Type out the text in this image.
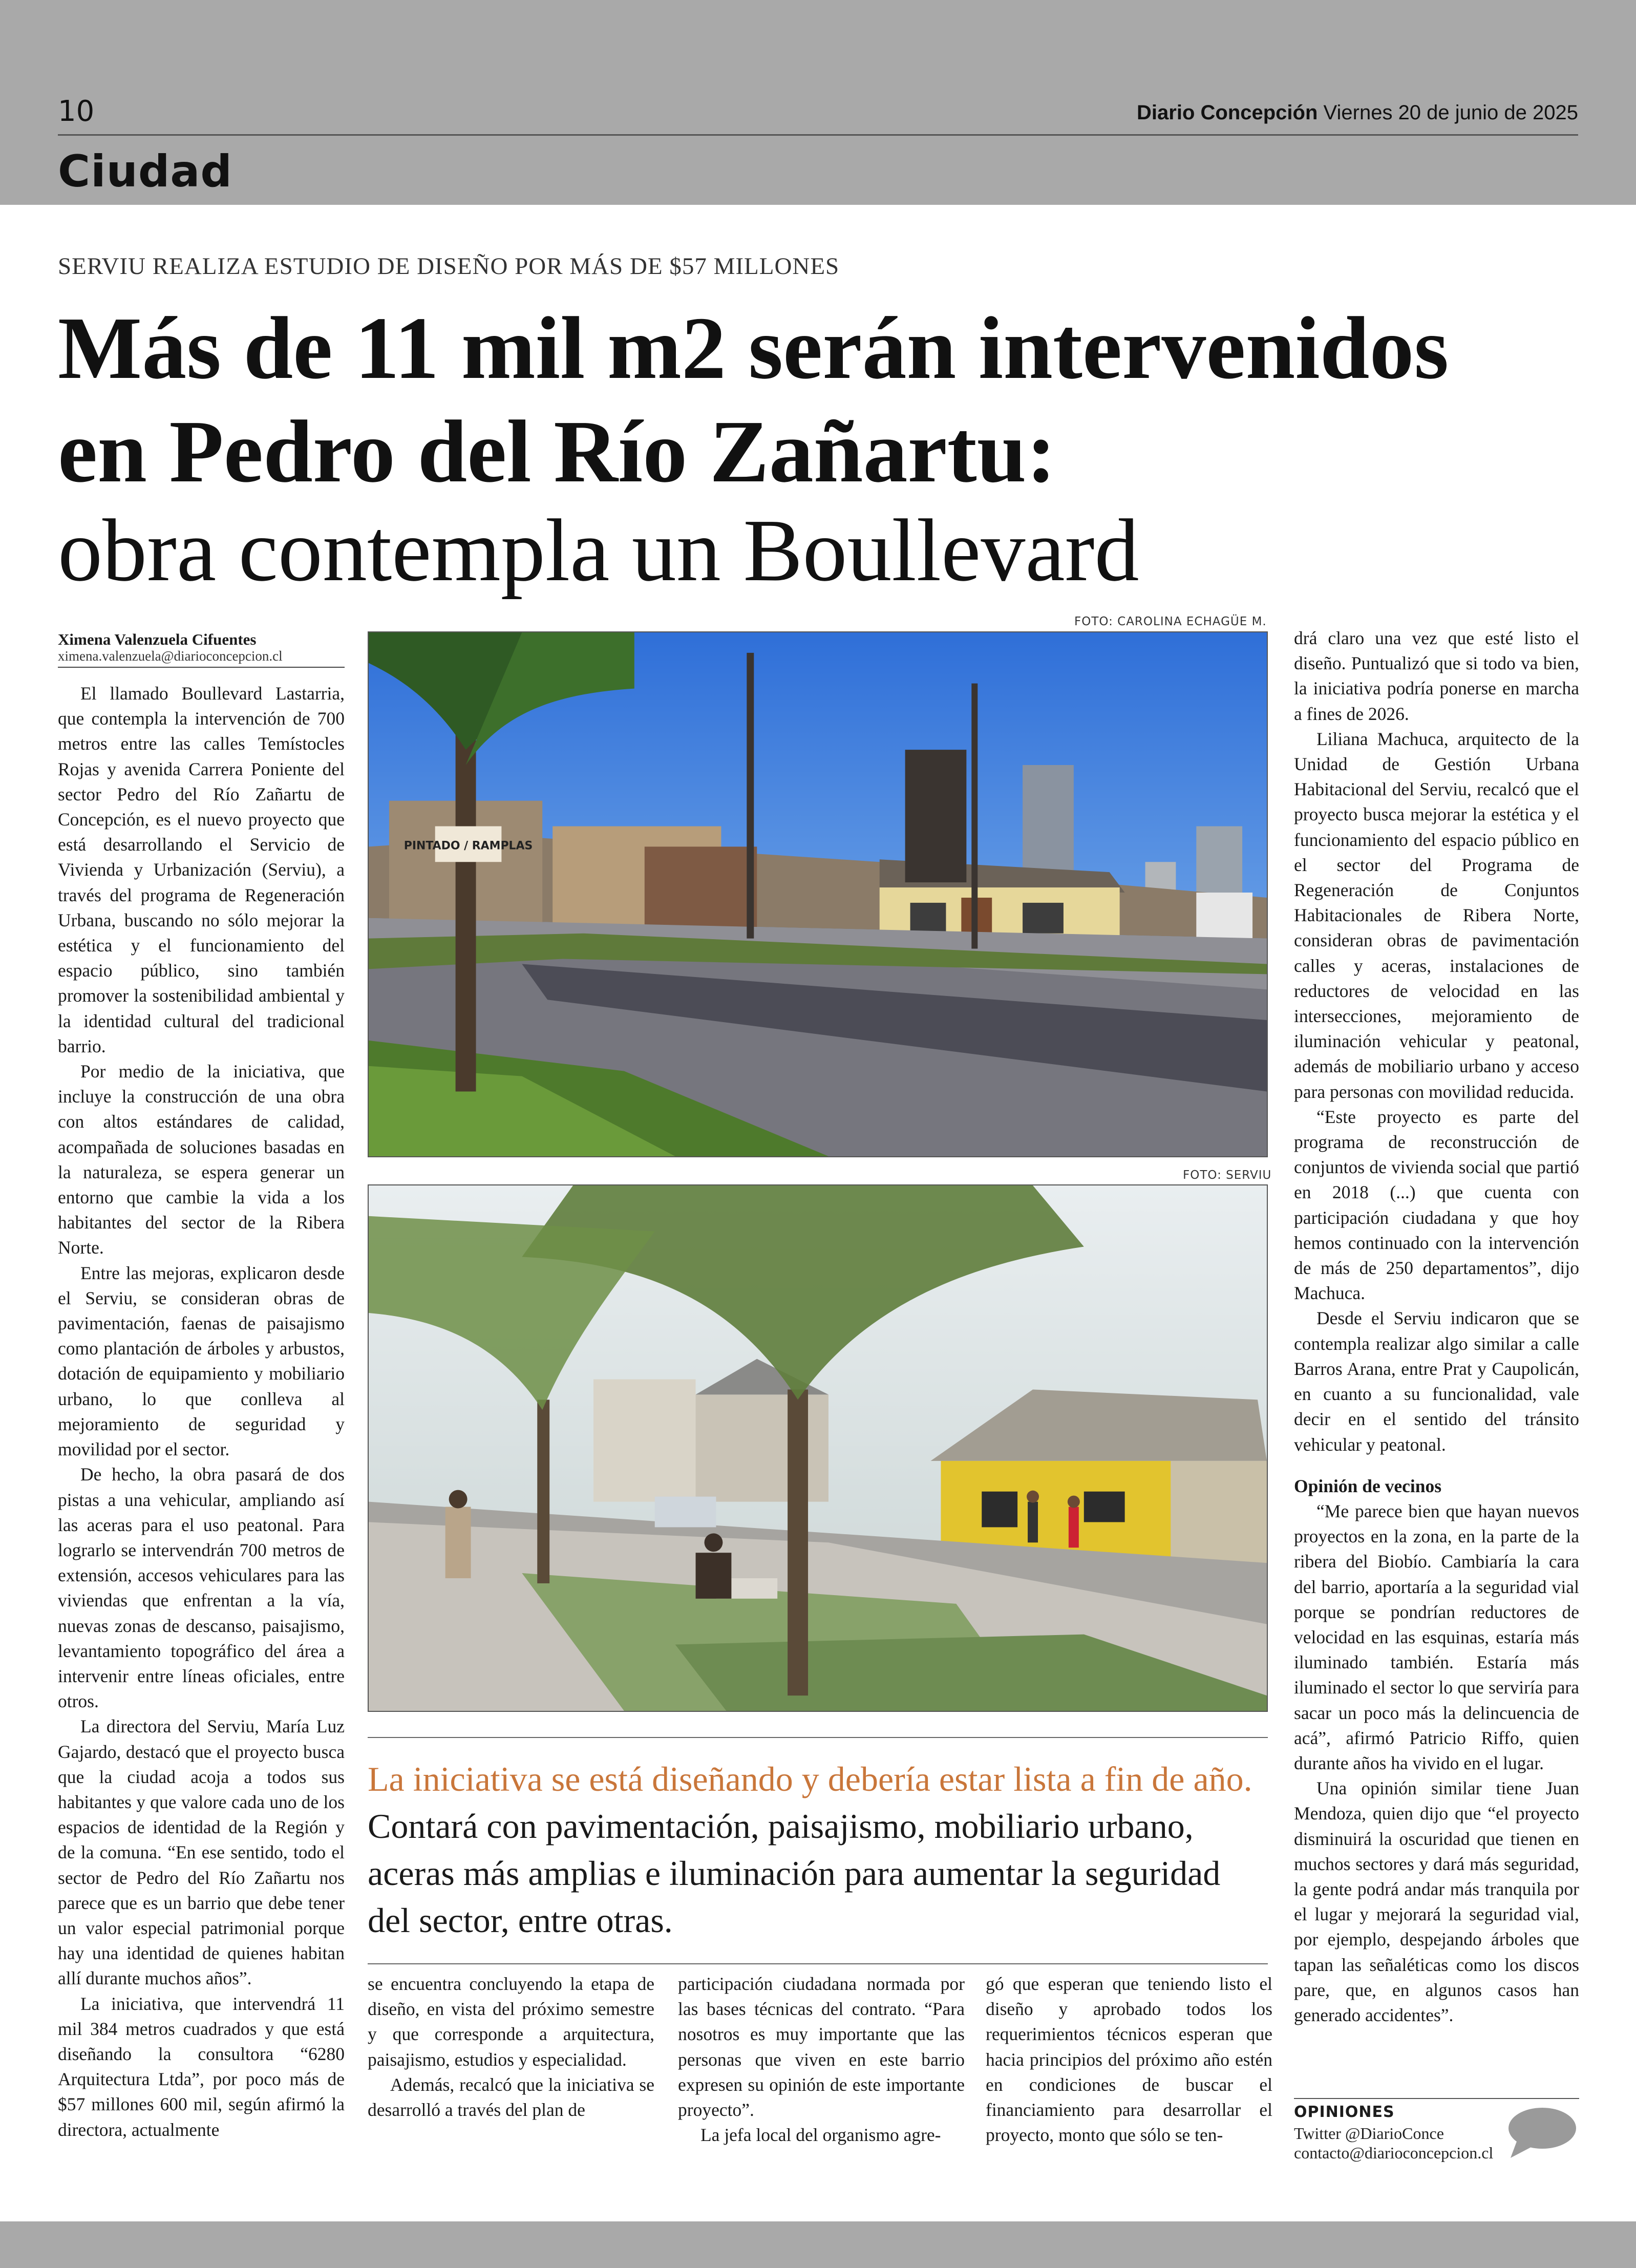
10	Diario Concepción Viernes 20 de junio de 2025
Ciudad
SERVIU REALIZA ESTUDIO DE DISEÑO POR MÁS DE $57 MILLONES
Más de 11 mil m2 serán intervenidos
en Pedro del Río Zañartu:
obra contempla un Boullevard
Ximena Valenzuela Cifuentes
ximena.valenzuela@diarioconcepcion.cl

El llamado Boullevard Lastarria, que contempla la intervención de 700 metros entre las calles Temístocles Rojas y avenida Carrera Poniente del sector Pedro del Río Zañartu de Concepción, es el nuevo proyecto que está desarrollando el Servicio de Vivienda y Urbanización (Serviu), a través del programa de Regeneración Urbana, buscando no sólo mejorar la estética y el funcionamiento del espacio público, sino también promover la sostenibilidad ambiental y la identidad cultural del tradicional barrio.

Por medio de la iniciativa, que incluye la construcción de una obra con altos estándares de calidad, acompañada de soluciones basadas en la naturaleza, se espera generar un entorno que cambie la vida a los habitantes del sector de la Ribera Norte.

Entre las mejoras, explicaron desde el Serviu, se consideran obras de pavimentación, faenas de paisajismo como plantación de árboles y arbustos, dotación de equipamiento y mobiliario urbano, lo que conlleva al mejoramiento de seguridad y movilidad por el sector.

De hecho, la obra pasará de dos pistas a una vehicular, ampliando así las aceras para el uso peatonal. Para lograrlo se intervendrán 700 metros de extensión, accesos vehiculares para las viviendas que enfrentan a la vía, nuevas zonas de descanso, paisajismo, levantamiento topográfico del área a intervenir entre líneas oficiales, entre otros.

La directora del Serviu, María Luz Gajardo, destacó que el proyecto busca que la ciudad acoja a todos sus habitantes y que valore cada uno de los espacios de identidad de la Región y de la comuna. “En ese sentido, todo el sector de Pedro del Río Zañartu nos parece que es un barrio que debe tener un valor especial patrimonial porque hay una identidad de quienes habitan allí durante muchos años”.

La iniciativa, que intervendrá 11 mil 384 metros cuadrados y que está diseñando la consultora “6280 Arquitectura Ltda”, por poco más de $57 millones 600 mil, según afirmó la directora, actualmente

FOTO: CAROLINA ECHAGÜE M.
PINTADO / RAMPLAS
FOTO: SERVIU
La iniciativa se está diseñando y debería estar lista a fin de año. Contará con pavimentación, paisajismo, mobiliario urbano, aceras más amplias e iluminación para aumentar la seguridad del sector, entre otras.

se encuentra concluyendo la etapa de diseño, en vista del próximo semestre y que corresponde a arquitectura, paisajismo, estudios y especialidad.

Además, recalcó que la iniciativa se desarrolló a través del plan de

participación ciudadana normada por las bases técnicas del contrato. “Para nosotros es muy importante que las personas que viven en este barrio expresen su opinión de este importante proyecto”.

La jefa local del organismo agre-

gó que esperan que teniendo listo el diseño y aprobado todos los requerimientos técnicos esperan que hacia principios del próximo año estén en condiciones de buscar el financiamiento para desarrollar el proyecto, monto que sólo se ten-

drá claro una vez que esté listo el diseño. Puntualizó que si todo va bien, la iniciativa podría ponerse en marcha a fines de 2026.

Liliana Machuca, arquitecto de la Unidad de Gestión Urbana Habitacional del Serviu, recalcó que el proyecto busca mejorar la estética y el funcionamiento del espacio público en el sector del Programa de Regeneración de Conjuntos Habitacionales de Ribera Norte, consideran obras de pavimentación calles y aceras, instalaciones de reductores de velocidad en las intersecciones, mejoramiento de iluminación vehicular y peatonal, además de mobiliario urbano y acceso para personas con movilidad reducida.

“Este proyecto es parte del programa de reconstrucción de conjuntos de vivienda social que partió en 2018 (...) que cuenta con participación ciudadana y que hoy hemos continuado con la intervención de más de 250 departamentos”, dijo Machuca.

Desde el Serviu indicaron que se contempla realizar algo similar a calle Barros Arana, entre Prat y Caupolicán, en cuanto a su funcionalidad, vale decir en el sentido del tránsito vehicular y peatonal.

Opinión de vecinos

“Me parece bien que hayan nuevos proyectos en la zona, en la parte de la ribera del Biobío. Cambiaría la cara del barrio, aportaría a la seguridad vial porque se pondrían reductores de velocidad en las esquinas, estaría más iluminado también. Estaría más iluminado el sector lo que serviría para sacar un poco más la delincuencia de acá”, afirmó Patricio Riffo, quien durante años ha vivido en el lugar.

Una opinión similar tiene Juan Mendoza, quien dijo que “el proyecto disminuirá la oscuridad que tienen en muchos sectores y dará más seguridad, la gente podrá andar más tranquila por el lugar y mejorará la seguridad vial, por ejemplo, despejando árboles que tapan las señaléticas como los discos pare, que, en algunos casos han generado accidentes”.

OPINIONES
Twitter @DiarioConce
contacto@diarioconcepcion.cl
